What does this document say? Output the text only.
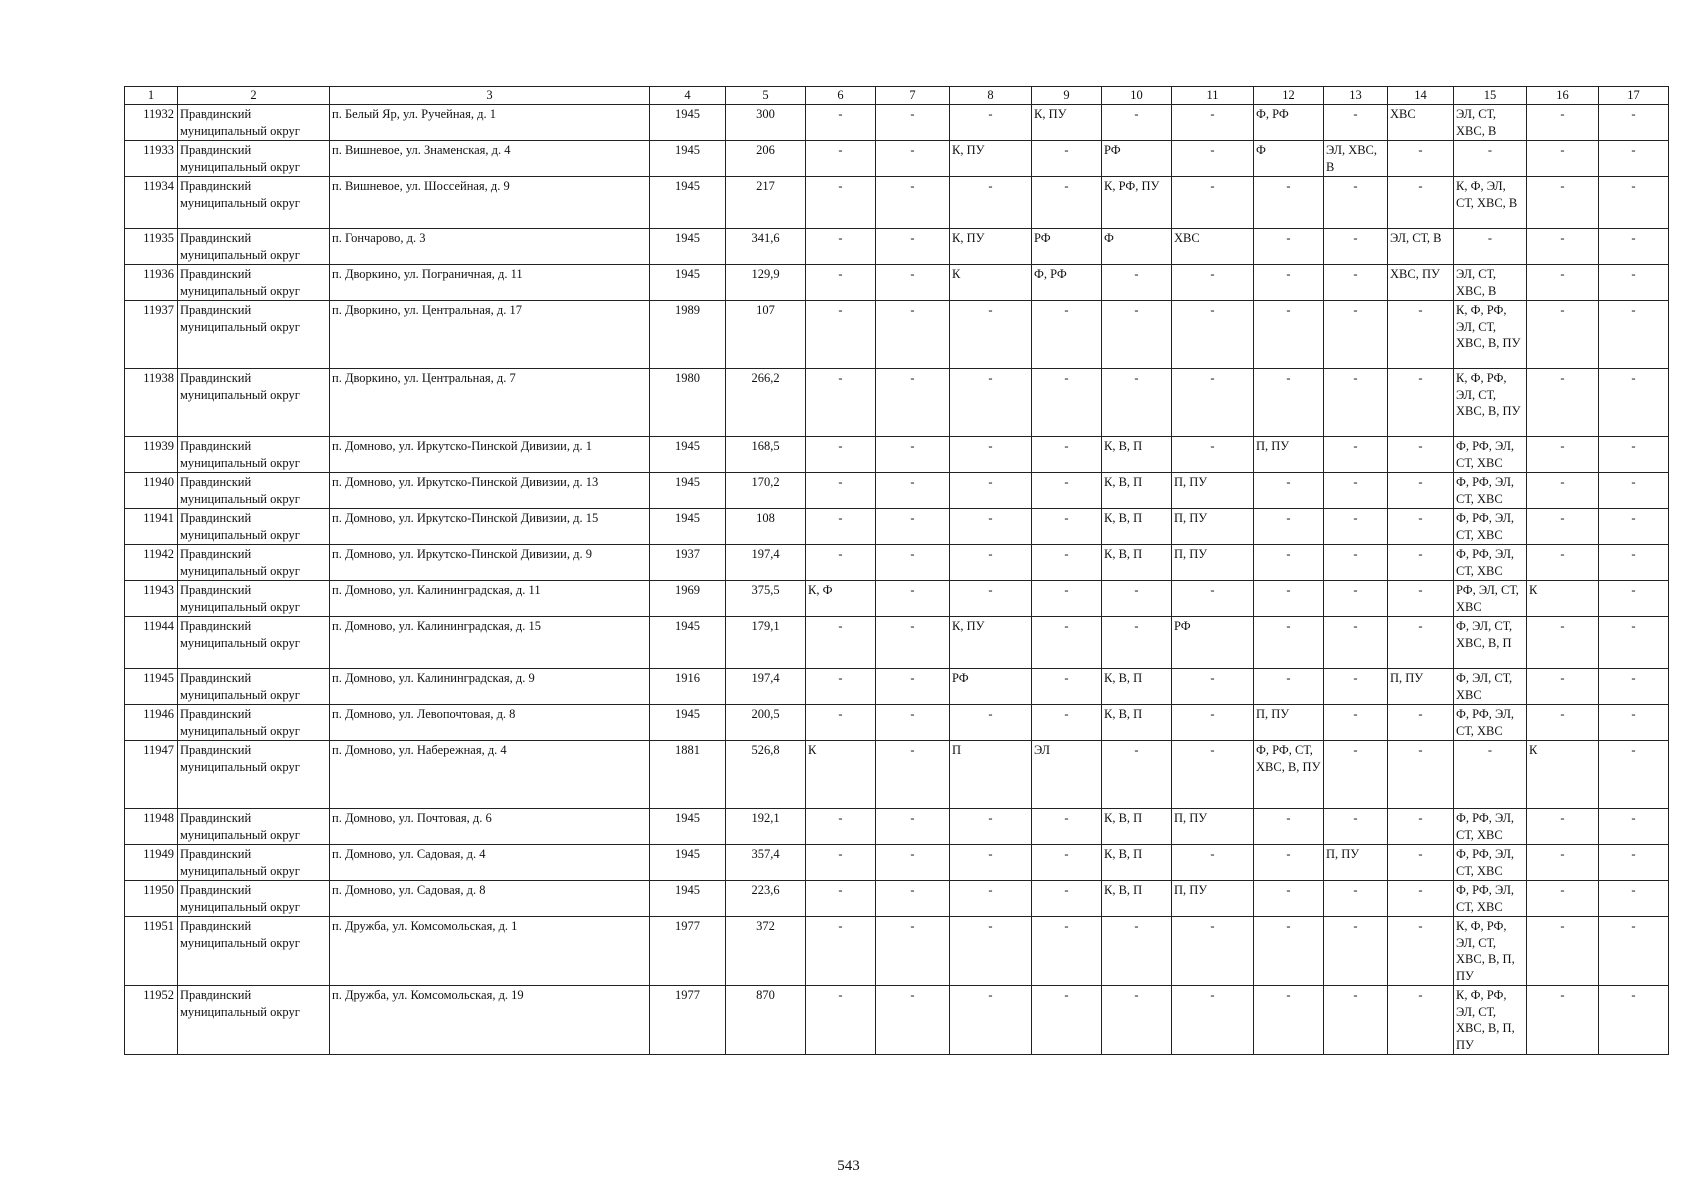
1	2	3	4	5	6	7	8	9	10	11	12	13	14	15	16	17
11932	Правдинский муниципальный округ	п. Белый Яр, ул. Ручейная, д. 1	1945	300	-	-	-	К, ПУ	-	-	Ф, РФ	-	ХВС	ЭЛ, СТ, ХВС, В	-	-
11933	Правдинский муниципальный округ	п. Вишневое, ул. Знаменская, д. 4	1945	206	-	-	К, ПУ	-	РФ	-	Ф	ЭЛ, ХВС, В	-	-	-	-
11934	Правдинский муниципальный округ	п. Вишневое, ул. Шоссейная, д. 9	1945	217	-	-	-	-	К, РФ, ПУ	-	-	-	-	К, Ф, ЭЛ, СТ, ХВС, В	-	-
11935	Правдинский муниципальный округ	п. Гончарово, д. 3	1945	341,6	-	-	К, ПУ	РФ	Ф	ХВС	-	-	ЭЛ, СТ, В	-	-	-
11936	Правдинский муниципальный округ	п. Дворкино, ул. Пограничная, д. 11	1945	129,9	-	-	К	Ф, РФ	-	-	-	-	ХВС, ПУ	ЭЛ, СТ, ХВС, В	-	-
11937	Правдинский муниципальный округ	п. Дворкино, ул. Центральная, д. 17	1989	107	-	-	-	-	-	-	-	-	-	К, Ф, РФ, ЭЛ, СТ, ХВС, В, ПУ	-	-
11938	Правдинский муниципальный округ	п. Дворкино, ул. Центральная, д. 7	1980	266,2	-	-	-	-	-	-	-	-	-	К, Ф, РФ, ЭЛ, СТ, ХВС, В, ПУ	-	-
11939	Правдинский муниципальный округ	п. Домново, ул. Иркутско-Пинской Дивизии, д. 1	1945	168,5	-	-	-	-	К, В, П	-	П, ПУ	-	-	Ф, РФ, ЭЛ, СТ, ХВС	-	-
11940	Правдинский муниципальный округ	п. Домново, ул. Иркутско-Пинской Дивизии, д. 13	1945	170,2	-	-	-	-	К, В, П	П, ПУ	-	-	-	Ф, РФ, ЭЛ, СТ, ХВС	-	-
11941	Правдинский муниципальный округ	п. Домново, ул. Иркутско-Пинской Дивизии, д. 15	1945	108	-	-	-	-	К, В, П	П, ПУ	-	-	-	Ф, РФ, ЭЛ, СТ, ХВС	-	-
11942	Правдинский муниципальный округ	п. Домново, ул. Иркутско-Пинской Дивизии, д. 9	1937	197,4	-	-	-	-	К, В, П	П, ПУ	-	-	-	Ф, РФ, ЭЛ, СТ, ХВС	-	-
11943	Правдинский муниципальный округ	п. Домново, ул. Калининградская, д. 11	1969	375,5	К, Ф	-	-	-	-	-	-	-	-	РФ, ЭЛ, СТ, ХВС	К	-
11944	Правдинский муниципальный округ	п. Домново, ул. Калининградская, д. 15	1945	179,1	-	-	К, ПУ	-	-	РФ	-	-	-	Ф, ЭЛ, СТ, ХВС, В, П	-	-
11945	Правдинский муниципальный округ	п. Домново, ул. Калининградская, д. 9	1916	197,4	-	-	РФ	-	К, В, П	-	-	-	П, ПУ	Ф, ЭЛ, СТ, ХВС	-	-
11946	Правдинский муниципальный округ	п. Домново, ул. Левопочтовая, д. 8	1945	200,5	-	-	-	-	К, В, П	-	П, ПУ	-	-	Ф, РФ, ЭЛ, СТ, ХВС	-	-
11947	Правдинский муниципальный округ	п. Домново, ул. Набережная, д. 4	1881	526,8	К	-	П	ЭЛ	-	-	Ф, РФ, СТ, ХВС, В, ПУ	-	-	-	К	-
11948	Правдинский муниципальный округ	п. Домново, ул. Почтовая, д. 6	1945	192,1	-	-	-	-	К, В, П	П, ПУ	-	-	-	Ф, РФ, ЭЛ, СТ, ХВС	-	-
11949	Правдинский муниципальный округ	п. Домново, ул. Садовая, д. 4	1945	357,4	-	-	-	-	К, В, П	-	-	П, ПУ	-	Ф, РФ, ЭЛ, СТ, ХВС	-	-
11950	Правдинский муниципальный округ	п. Домново, ул. Садовая, д. 8	1945	223,6	-	-	-	-	К, В, П	П, ПУ	-	-	-	Ф, РФ, ЭЛ, СТ, ХВС	-	-
11951	Правдинский муниципальный округ	п. Дружба, ул. Комсомольская, д. 1	1977	372	-	-	-	-	-	-	-	-	-	К, Ф, РФ, ЭЛ, СТ, ХВС, В, П, ПУ	-	-
11952	Правдинский муниципальный округ	п. Дружба, ул. Комсомольская, д. 19	1977	870	-	-	-	-	-	-	-	-	-	К, Ф, РФ, ЭЛ, СТ, ХВС, В, П, ПУ	-	-
543
